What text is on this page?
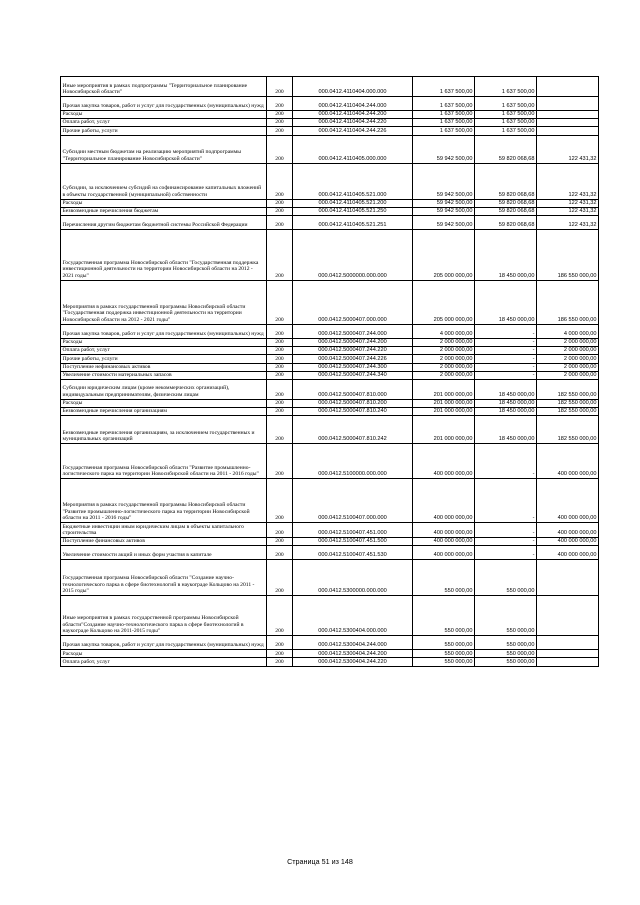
Иные мероприятия в рамках подпрограммы "Территориальное планирование Новосибирской области"	200	000.0412.4110404.000.000	1 637 500,00	1 637 500,00	
Прочая закупка товаров, работ и услуг для государственных (муниципальных) нужд	200	000.0412.4110404.244.000	1 637 500,00	1 637 500,00	
Расходы	200	000.0412.4110404.244.200	1 637 500,00	1 637 500,00	
Оплата работ, услуг	200	000.0412.4110404.244.220	1 637 500,00	1 637 500,00	
Прочие работы, услуги	200	000.0412.4110404.244.226	1 637 500,00	1 637 500,00	
Субсидии местным бюджетам на реализацию мероприятий подпрограммы "Территориальное планирование Новосибирской области"	200	000.0412.4110405.000.000	59 942 500,00	59 820 068,68	122 431,32
Субсидии, за исключением субсидий на софинансирование капитальных вложений в объекты государственной (муниципальной) собственности	200	000.0412.4110405.521.000	59 942 500,00	59 820 068,68	122 431,32
Расходы	200	000.0412.4110405.521.200	59 942 500,00	59 820 068,68	122 431,32
Безвозмездные перечисления бюджетам	200	000.0412.4110405.521.250	59 942 500,00	59 820 068,68	122 431,32
Перечисления другим бюджетам бюджетной системы Российской Федерации	200	000.0412.4110405.521.251	59 942 500,00	59 820 068,68	122 431,32
Государственная программа Новосибирской области "Государственная поддержка инвестиционной деятельности на территории Новосибирской области на 2012 - 2021 годы"	200	000.0412.5000000.000.000	205 000 000,00	18 450 000,00	186 550 000,00
Мероприятия в рамках государственной программы Новосибирской области "Государственная поддержка инвестиционной деятельности на территории Новосибирской области на 2012 - 2021 годы"	200	000.0412.5000407.000.000	205 000 000,00	18 450 000,00	186 550 000,00
Прочая закупка товаров, работ и услуг для государственных (муниципальных) нужд	200	000.0412.5000407.244.000	4 000 000,00	-	4 000 000,00
Расходы	200	000.0412.5000407.244.200	2 000 000,00	-	2 000 000,00
Оплата работ, услуг	200	000.0412.5000407.244.220	2 000 000,00	-	2 000 000,00
Прочие работы, услуги	200	000.0412.5000407.244.226	2 000 000,00	-	2 000 000,00
Поступление нефинансовых активов	200	000.0412.5000407.244.300	2 000 000,00	-	2 000 000,00
Увеличение стоимости материальных запасов	200	000.0412.5000407.244.340	2 000 000,00	-	2 000 000,00
Субсидии юридическим лицам (кроме некоммерческих организаций), индивидуальным предпринимателям, физическим лицам	200	000.0412.5000407.810.000	201 000 000,00	18 450 000,00	182 550 000,00
Расходы	200	000.0412.5000407.810.200	201 000 000,00	18 450 000,00	182 550 000,00
Безвозмездные перечисления организациям	200	000.0412.5000407.810.240	201 000 000,00	18 450 000,00	182 550 000,00
Безвозмездные перечисления организациям, за исключением государственных и муниципальных организаций	200	000.0412.5000407.810.242	201 000 000,00	18 450 000,00	182 550 000,00
Государственная программа Новосибирской области "Развитие промышленно-логистического парка на территории Новосибирской области на 2011 - 2016 годы"	200	000.0412.5100000.000.000	400 000 000,00	-	400 000 000,00
Мероприятия в рамках государственной программы Новосибирской области "Развитие промышленно-логистического парка на территории Новосибирской области на 2011 - 2016 годы"	200	000.0412.5100407.000.000	400 000 000,00	-	400 000 000,00
Бюджетные инвестиции иным юридическим лицам в объекты капитального строительства	200	000.0412.5100407.451.000	400 000 000,00	-	400 000 000,00
Поступление финансовых активов	200	000.0412.5100407.451.500	400 000 000,00	-	400 000 000,00
Увеличение стоимости акций и иных форм участия в капитале	200	000.0412.5100407.451.530	400 000 000,00	-	400 000 000,00
Государственная программа Новосибирской области "Создание научно-технологического парка в сфере биотехнологий в наукограде Кольцово на 2011 - 2015 годы"	200	000.0412.5300000.000.000	550 000,00	550 000,00	
Иные мероприятия в рамках государственной программы Новосибирской области"Создание научно-технологического парка в сфере биотехнологий в наукограде Кольцово на 2011-2015 годы"	200	000.0412.5300404.000.000	550 000,00	550 000,00	
Прочая закупка товаров, работ и услуг для государственных (муниципальных) нужд	200	000.0412.5300404.244.000	550 000,00	550 000,00	
Расходы	200	000.0412.5300404.244.200	550 000,00	550 000,00	
Оплата работ, услуг	200	000.0412.5300404.244.220	550 000,00	550 000,00	
Страница 51 из 148
